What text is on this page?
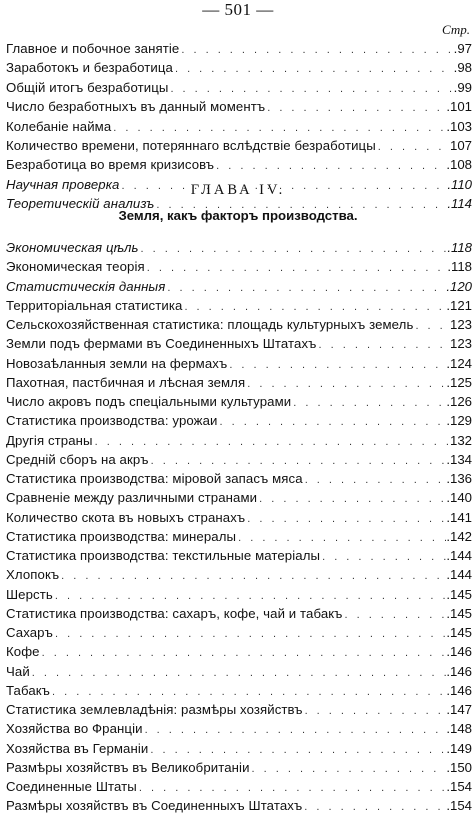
— 501 —
Стр.
Главное и побочное занятіе . . .	.97
Заработокъ и безработица . . .	.98
Общій итогъ безработицы . . .	.99
Число безработныхъ въ данный моментъ . . .	.101
Колебаніе найма . . .	.103
Количество времени, потеряннаго вслѣдствіе безработицы . . .	107
Безработица во время кризисовъ . . .	.108
Научная проверка . . .	.110
Теоретическій анализъ . . .	.114
ГЛАВА IV.
Земля, какъ факторъ производства.
Экономическая цѣль . . .	.118
Экономическая теорія . . .	.118
Статистическія данныя . . .	.120
Территоріальная статистика . . .	.121
Сельскохозяйственная статистика: площадь культурныхъ земель . . .	123
Земли подъ фермами въ Соединенныхъ Штатахъ . . .	123
Новозаѣланныя земли на фермахъ . . .	.124
Пахотная, пастбичная и лѣсная земля . . .	.125
Число акровъ подъ спеціальными культурами . . .	.126
Статистика производства: урожаи . . .	.129
Другія страны . . .	132
Средній сборъ на акръ . . .	.134
Статистика производства: міровой запасъ мяса . . .	.136
Сравненіе между различными странами . . .	.140
Количество скота въ новыхъ странахъ . . .	.141
Статистика производства: минералы . . .	.142
Статистика производства: текстильные матеріалы . . .	.144
Хлопокъ . . .	.144
Шерсть . . .	.145
Статистика производства: сахаръ, кофе, чай и табакъ . . .	.145
Сахаръ . . .	.145
Кофе . . .	.146
Чай . . .	.146
Табакъ . . .	.146
Статистика землевладѣнія: размѣры хозяйствъ . . .	.147
Хозяйства во Франціи . . .	.148
Хозяйства въ Германіи . . .	.149
Размѣры хозяйствъ въ Великобританіи . . .	.150
Соединенные Штаты . . .	.154
Размѣры хозяйствъ въ Соединенныхъ Штатахъ . . .	.154
